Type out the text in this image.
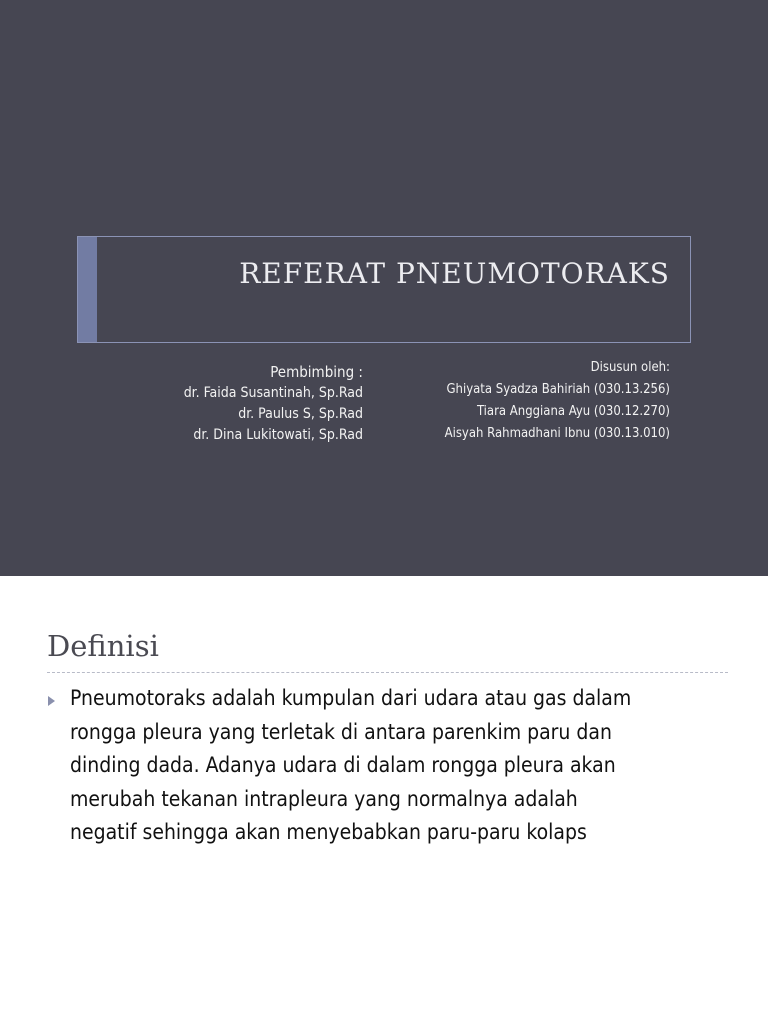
REFERAT PNEUMOTORAKS
Pembimbing :
dr. Faida Susantinah, Sp.Rad
dr. Paulus S, Sp.Rad
dr. Dina Lukitowati, Sp.Rad
Disusun oleh:
Ghiyata Syadza Bahiriah (030.13.256)
Tiara Anggiana Ayu (030.12.270)
Aisyah Rahmadhani Ibnu (030.13.010)
Definisi

Pneumotoraks adalah kumpulan dari udara atau gas dalam
rongga pleura yang terletak di antara parenkim paru dan
dinding dada. Adanya udara di dalam rongga pleura akan
merubah tekanan intrapleura yang normalnya adalah
negatif sehingga akan menyebabkan paru-paru kolaps
